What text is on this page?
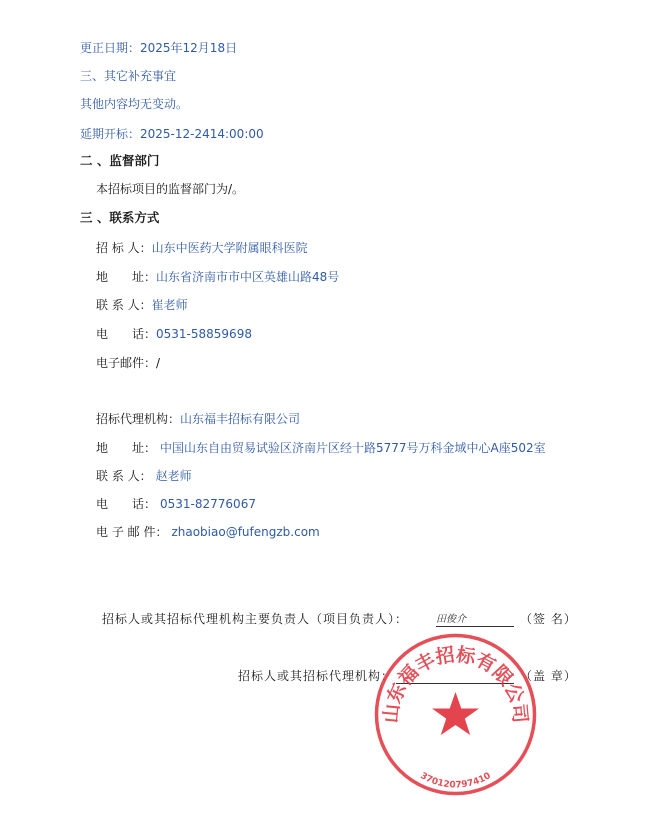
更正日期：2025年12月18日
三、其它补充事宜
其他内容均无变动。
延期开标：2025-12-2414:00:00
二 、监督部门
本招标项目的监督部门为/。
三 、联系方式
招 标 人：山东中医药大学附属眼科医院
地　　址：山东省济南市市中区英雄山路48号
联 系 人：崔老师
电　　话：0531-58859698
电子邮件：/
招标代理机构：山东福丰招标有限公司
地　　址： 中国山东自由贸易试验区济南片区经十路5777号万科金域中心A座502室
联 系 人： 赵老师
电　　话： 0531-82776067
电 子 邮 件： zhaobiao@fufengzb.com
招标人或其招标代理机构主要负责人（项目负责人）：	田俊介	（签 名）
招标人或其招标代理机构：	（盖 章）
山东福丰招标有限公司
370120797410
